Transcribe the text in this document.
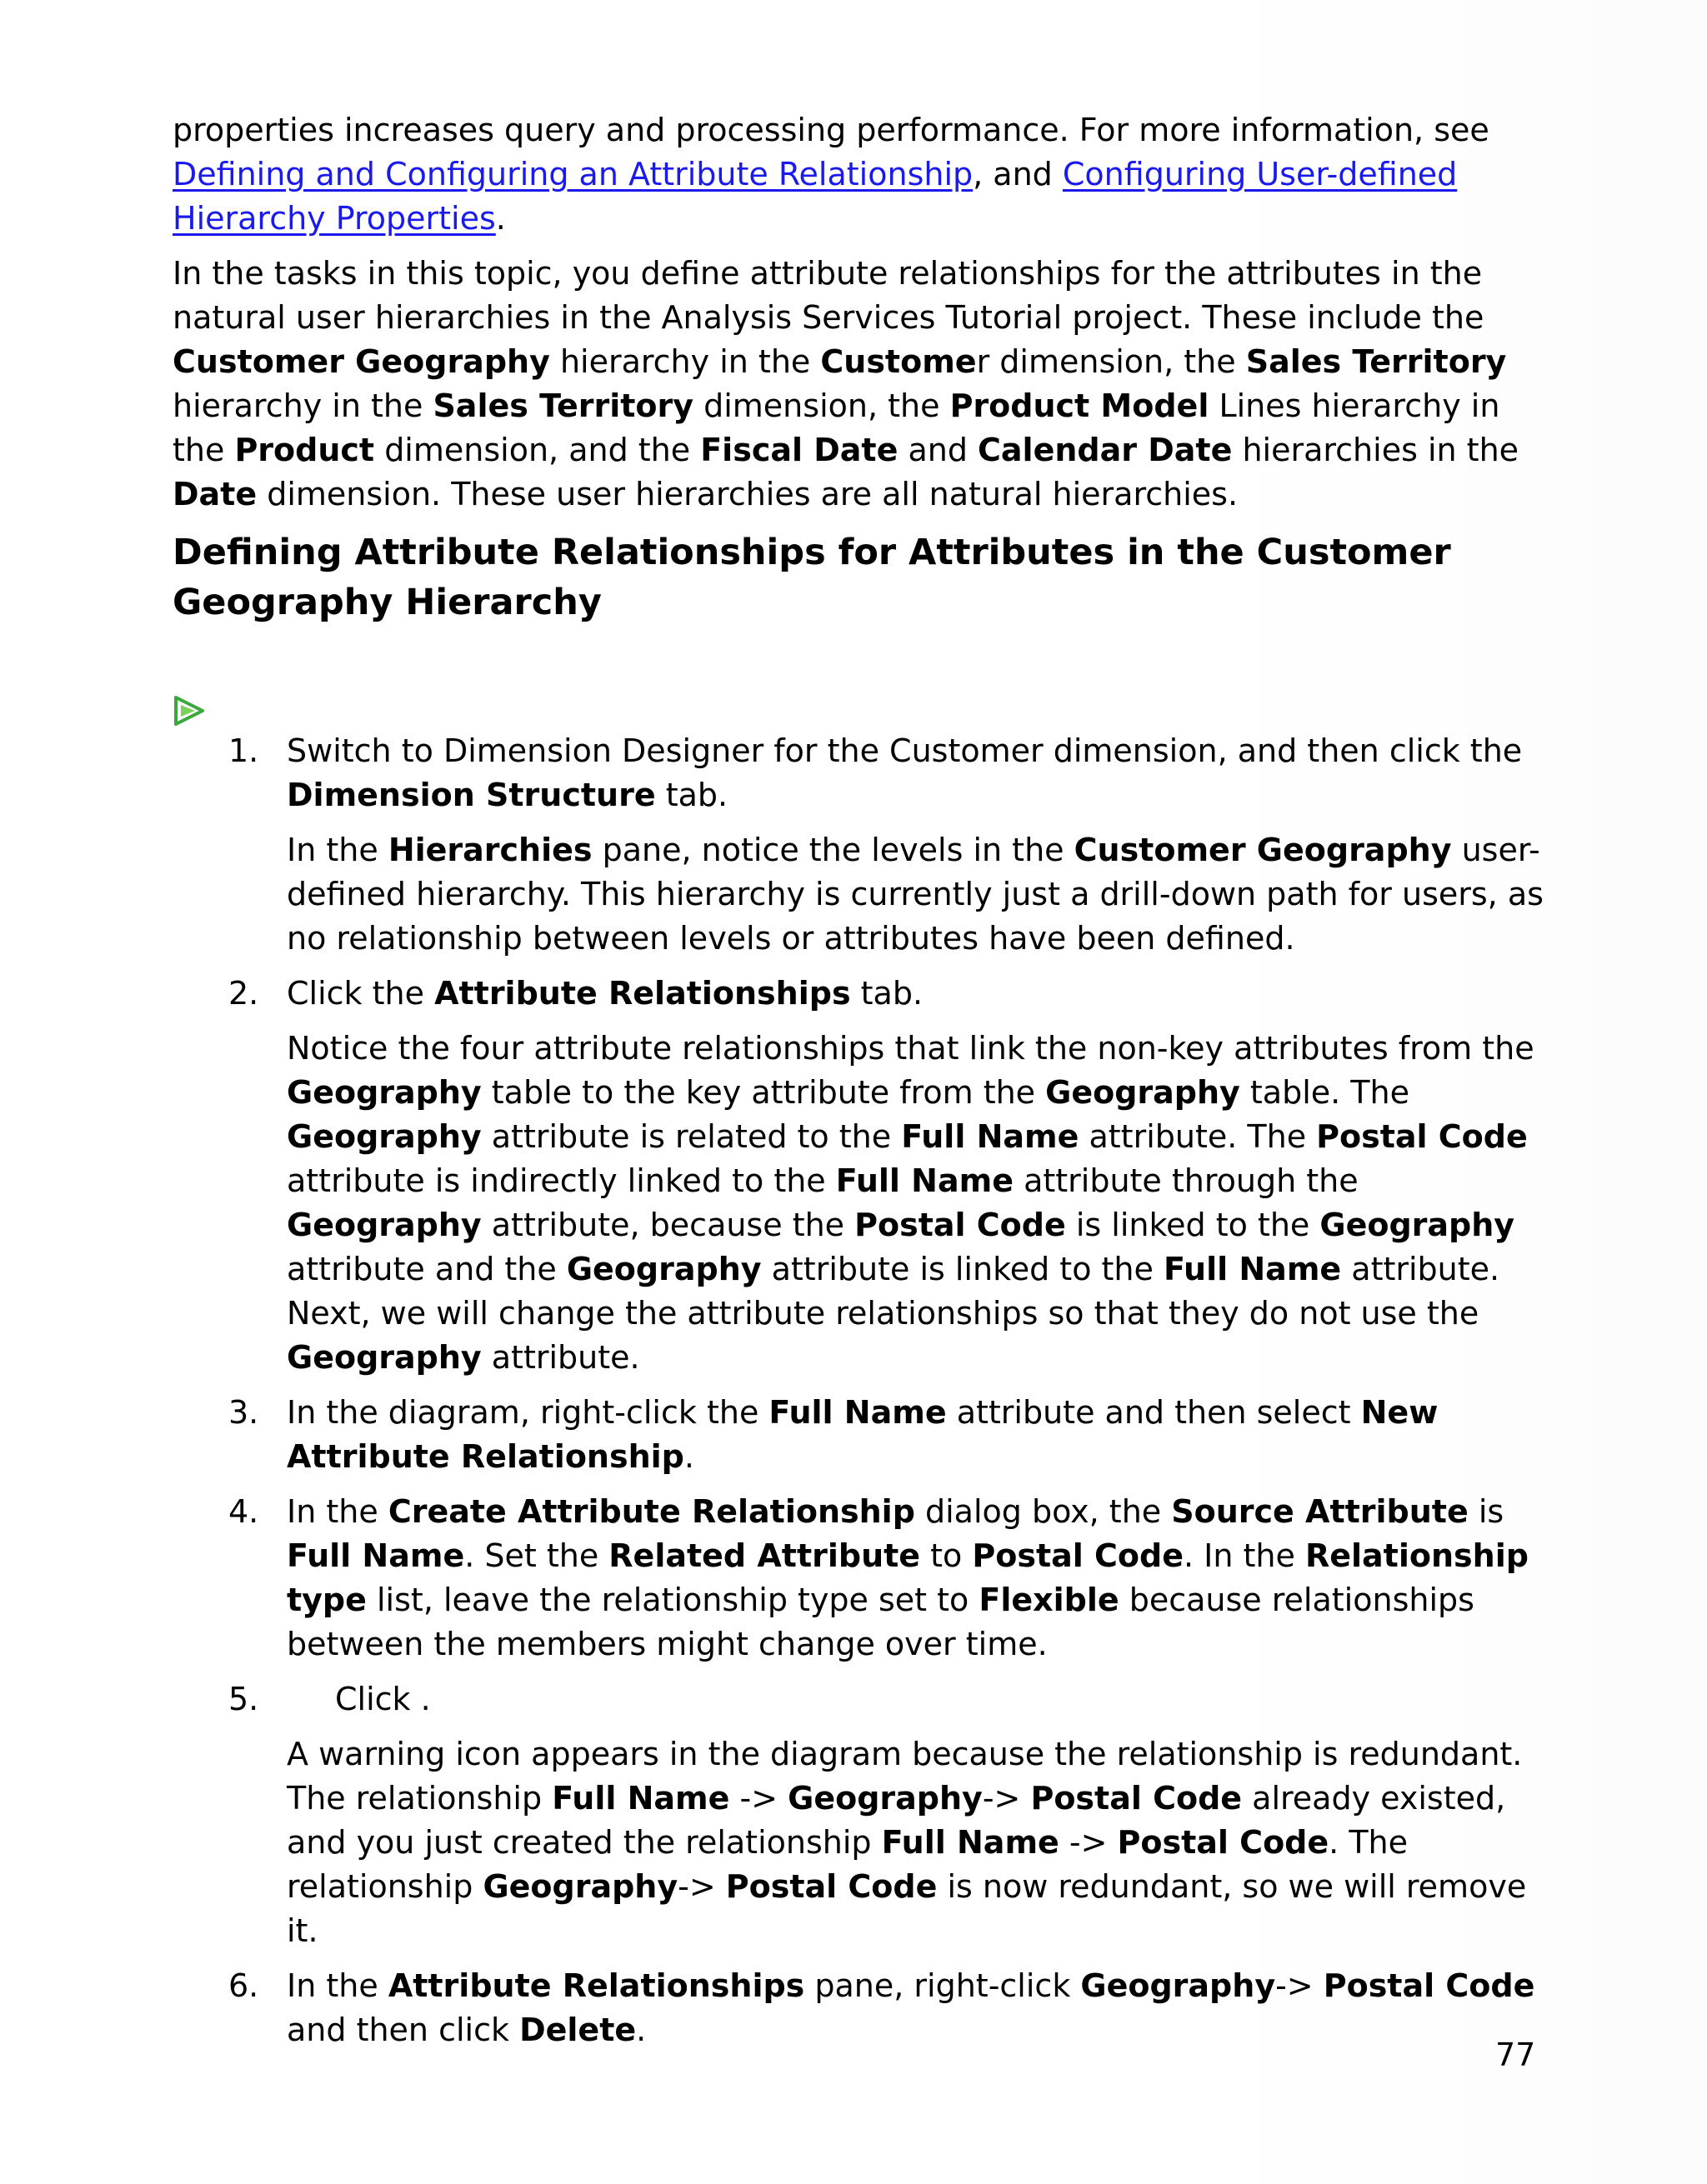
properties increases query and processing performance. For more information, see Defining and Configuring an Attribute Relationship, and Configuring User-defined Hierarchy Properties.

In the tasks in this topic, you define attribute relationships for the attributes in the natural user hierarchies in the Analysis Services Tutorial project. These include the Customer Geography hierarchy in the Customer dimension, the Sales Territory hierarchy in the Sales Territory dimension, the Product Model Lines hierarchy in the Product dimension, and the Fiscal Date and Calendar Date hierarchies in the Date dimension. These user hierarchies are all natural hierarchies.

Defining Attribute Relationships for Attributes in the Customer Geography Hierarchy
1. Switch to Dimension Designer for the Customer dimension, and then click the Dimension Structure tab.

In the Hierarchies pane, notice the levels in the Customer Geography user-defined hierarchy. This hierarchy is currently just a drill-down path for users, as no relationship between levels or attributes have been defined.

2. Click the Attribute Relationships tab.

Notice the four attribute relationships that link the non-key attributes from the Geography table to the key attribute from the Geography table. The Geography attribute is related to the Full Name attribute. The Postal Code attribute is indirectly linked to the Full Name attribute through the Geography attribute, because the Postal Code is linked to the Geography attribute and the Geography attribute is linked to the Full Name attribute. Next, we will change the attribute relationships so that they do not use the Geography attribute.

3. In the diagram, right-click the Full Name attribute and then select New Attribute Relationship.

4. In the Create Attribute Relationship dialog box, the Source Attribute is Full Name. Set the Related Attribute to Postal Code. In the Relationship type list, leave the relationship type set to Flexible because relationships between the members might change over time.

5.	Click .

A warning icon appears in the diagram because the relationship is redundant. The relationship Full Name -> Geography-> Postal Code already existed, and you just created the relationship Full Name -> Postal Code. The relationship Geography-> Postal Code is now redundant, so we will remove it.

6. In the Attribute Relationships pane, right-click Geography-> Postal Code and then click Delete.

77
